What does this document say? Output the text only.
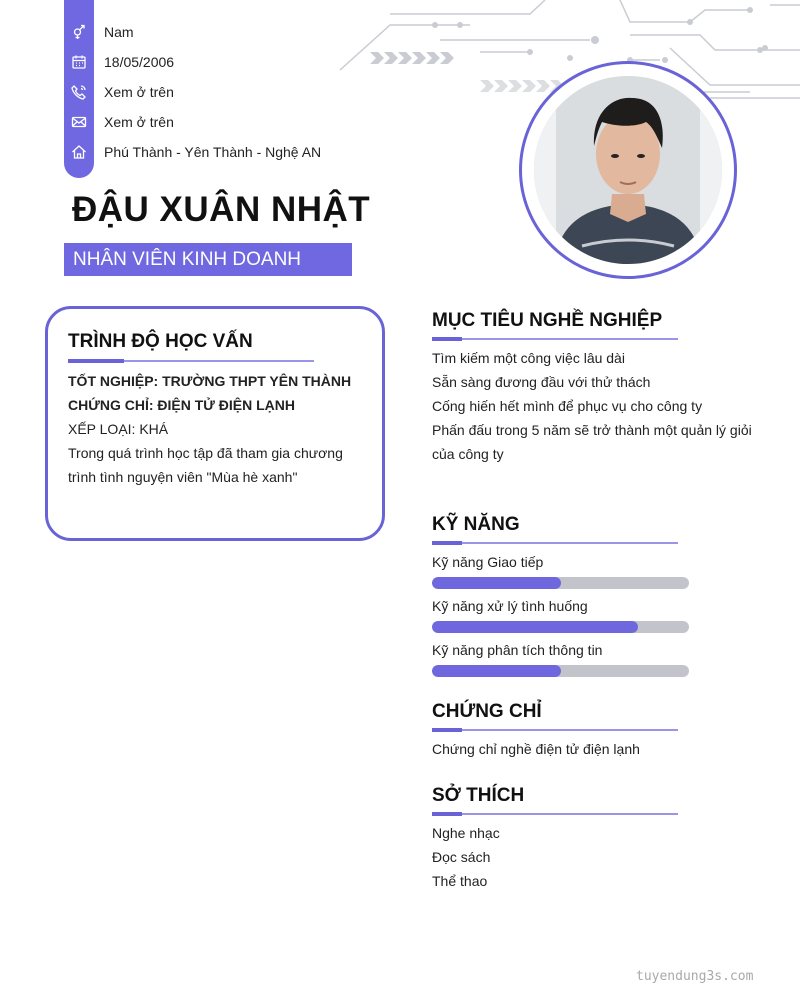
Nam
18/05/2006
Xem ở trên
Xem ở trên
Phú Thành - Yên Thành - Nghệ AN
ĐẬU XUÂN NHẬT
NHÂN VIÊN KINH DOANH
TRÌNH ĐỘ HỌC VẤN
TỐT NGHIỆP: TRƯỜNG THPT YÊN THÀNH
CHỨNG CHỈ: ĐIỆN TỬ ĐIỆN LẠNH
XẾP LOẠI: KHÁ
Trong quá trình học tập đã tham gia chương
trình tình nguyện viên "Mùa hè xanh"
MỤC TIÊU NGHỀ NGHIỆP
Tìm kiếm một công việc lâu dài
Sẵn sàng đương đầu với thử thách
Cống hiến hết mình để phục vụ cho công ty
Phấn đấu trong 5 năm sẽ trở thành một quản lý giỏi
của công ty
KỸ NĂNG
Kỹ năng Giao tiếp
Kỹ năng xử lý tình huống
Kỹ năng phân tích thông tin
CHỨNG CHỈ
Chứng chỉ nghề điện tử điện lạnh
SỞ THÍCH
Nghe nhạc
Đọc sách
Thể thao
tuyendung3s.com
